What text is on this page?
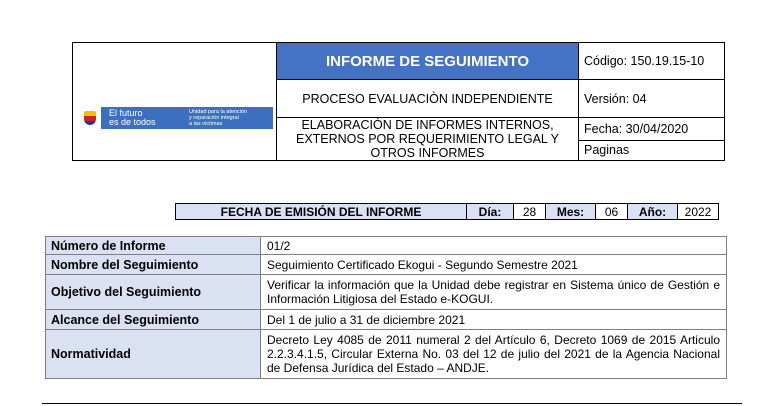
El futuro
es de todos
Unidad para la atención
y reparación integral
a las víctimas	INFORME DE SEGUIMIENTO	Código: 150.19.15-10
	PROCESO EVALUACIÒN INDEPENDIENTE	Versión: 04
	ELABORACIÓN DE INFORMES INTERNOS, EXTERNOS POR REQUERIMIENTO LEGAL Y OTROS INFORMES	Fecha: 30/04/2020
		Paginas
FECHA DE EMISIÓN DEL INFORME	Día:	28	Mes:	06	Año:	2022
Número de Informe	01/2
Nombre del Seguimiento	Seguimiento Certificado Ekogui - Segundo Semestre 2021
Objetivo del Seguimiento	Verificar la información que la Unidad debe registrar en Sistema único de Gestión e Información Litigiosa del Estado e-KOGUI.
Alcance del Seguimiento	Del 1 de julio a 31 de diciembre 2021
Normatividad	Decreto Ley 4085 de 2011 numeral 2 del Artículo 6, Decreto 1069 de 2015 Articulo 2.2.3.4.1.5, Circular Externa No. 03 del 12 de julio del 2021 de la Agencia Nacional de Defensa Jurídica del Estado – ANDJE.
